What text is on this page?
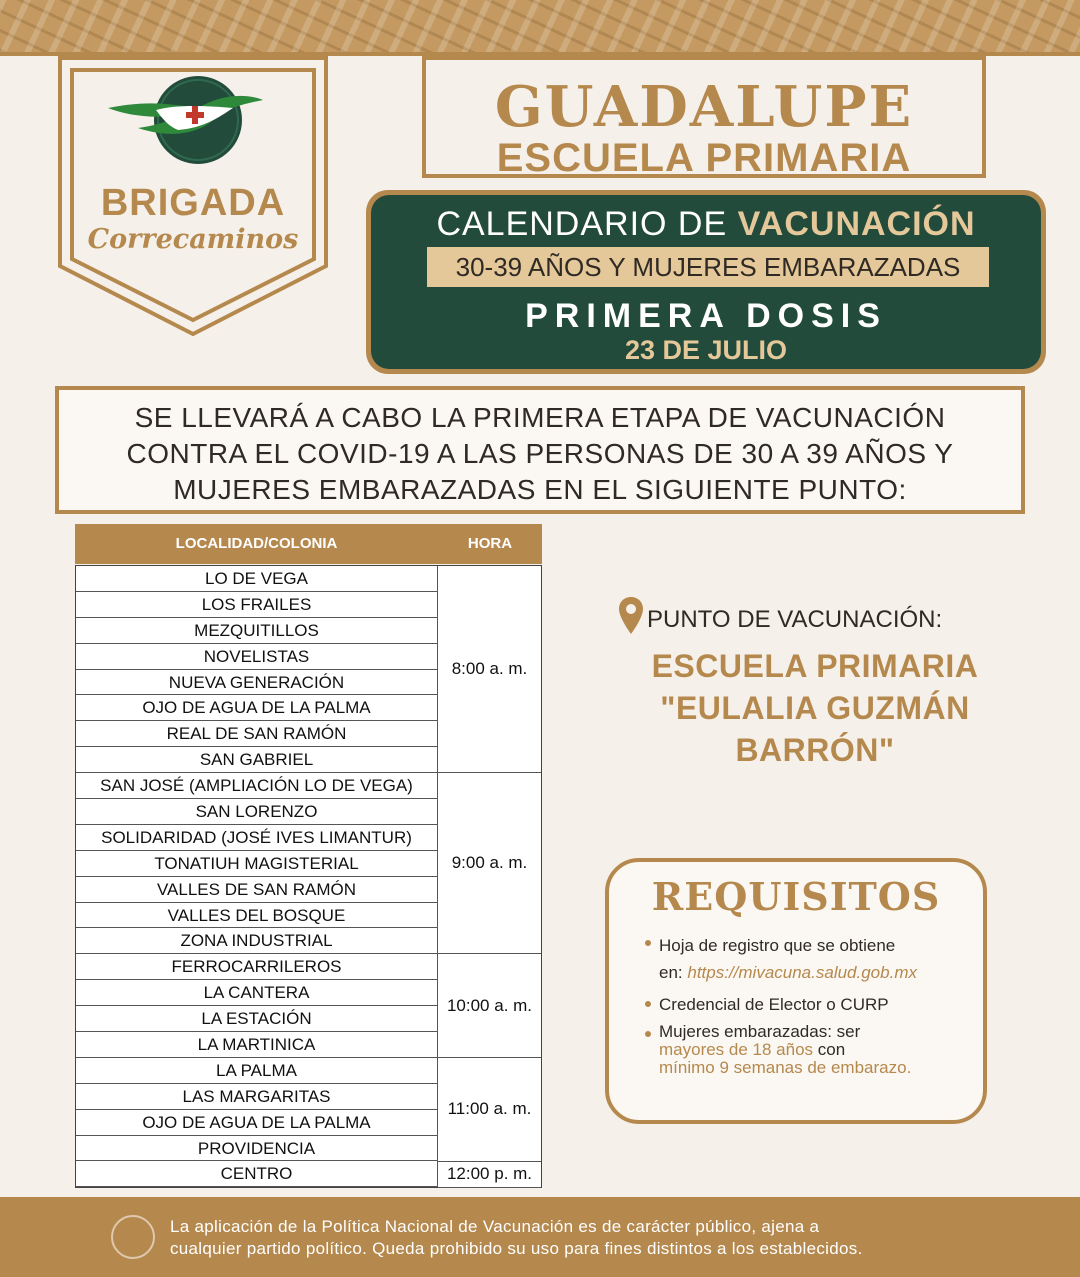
BRIGADA
Correcaminos
GUADALUPE
ESCUELA PRIMARIA
CALENDARIO DE VACUNACIÓN
30-39 AÑOS Y MUJERES EMBARAZADAS
PRIMERA DOSIS
23 DE JULIO
SE LLEVARÁ A CABO LA PRIMERA ETAPA DE VACUNACIÓN
CONTRA EL COVID-19 A LAS PERSONAS DE 30 A 39 AÑOS Y
MUJERES EMBARAZADAS EN EL SIGUIENTE PUNTO:
LOCALIDAD/COLONIA	HORA
LO DE VEGA
LOS FRAILES
MEZQUITILLOS
NOVELISTAS
NUEVA GENERACIÓN
OJO DE AGUA DE LA PALMA
REAL DE SAN RAMÓN
SAN GABRIEL
8:00 a. m.
SAN JOSÉ (AMPLIACIÓN LO DE VEGA)
SAN LORENZO
SOLIDARIDAD (JOSÉ IVES LIMANTUR)
TONATIUH MAGISTERIAL
VALLES DE SAN RAMÓN
VALLES DEL BOSQUE
ZONA INDUSTRIAL
9:00 a. m.
FERROCARRILEROS
LA CANTERA
LA ESTACIÓN
LA MARTINICA
10:00 a. m.
LA PALMA
LAS MARGARITAS
OJO DE AGUA DE LA PALMA
PROVIDENCIA
11:00 a. m.
CENTRO	12:00 p. m.
PUNTO DE VACUNACIÓN:
ESCUELA PRIMARIA
"EULALIA GUZMÁN
BARRÓN"
REQUISITOS
Hoja de registro que se obtiene
en: https://mivacuna.salud.gob.mx
Credencial de Elector o CURP
Mujeres embarazadas: ser
mayores de 18 años con
mínimo 9 semanas de embarazo.
La aplicación de la Política Nacional de Vacunación es de carácter público, ajena a
cualquier partido político. Queda prohibido su uso para fines distintos a los establecidos.
